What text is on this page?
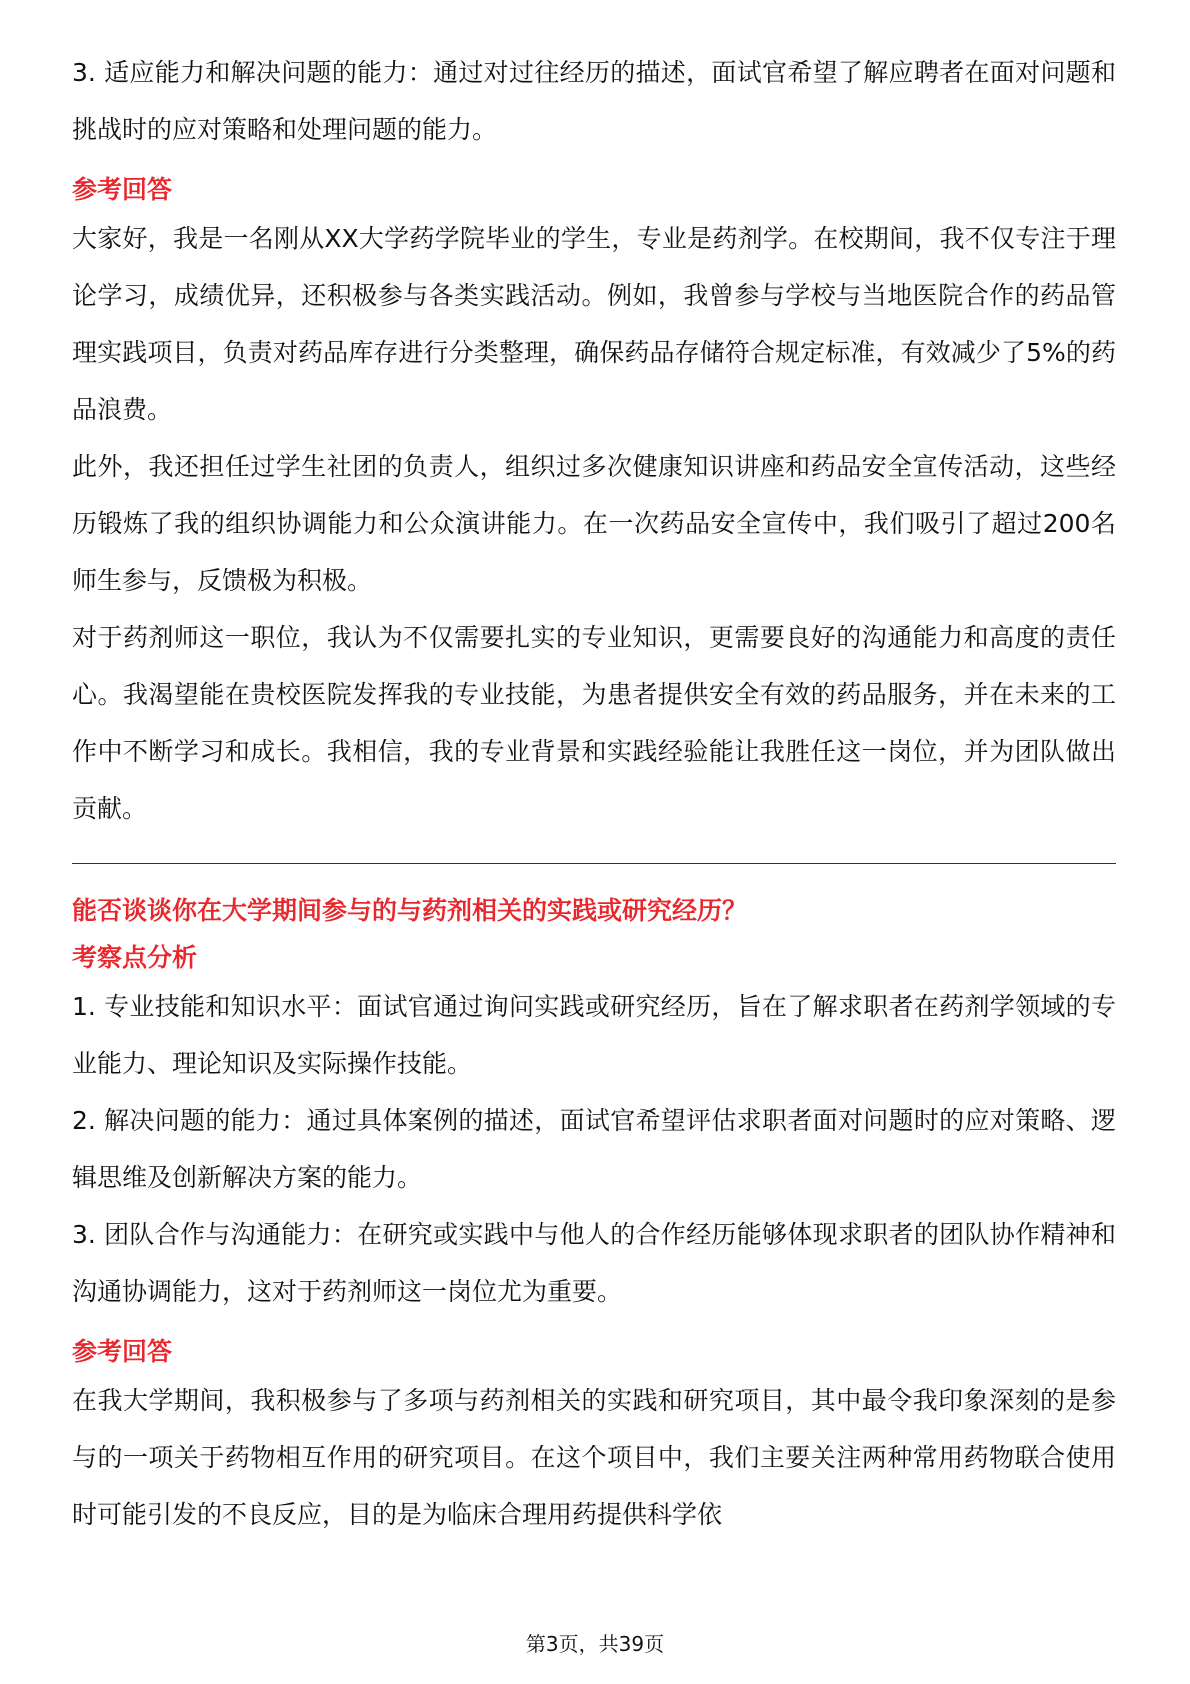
3. 适应能力和解决问题的能力：通过对过往经历的描述，面试官希望了解应聘者在面对问题和挑战时的应对策略和处理问题的能力。

参考回答

大家好，我是一名刚从XX大学药学院毕业的学生，专业是药剂学。在校期间，我不仅专注于理论学习，成绩优异，还积极参与各类实践活动。例如，我曾参与学校与当地医院合作的药品管理实践项目，负责对药品库存进行分类整理，确保药品存储符合规定标准，有效减少了5%的药品浪费。

此外，我还担任过学生社团的负责人，组织过多次健康知识讲座和药品安全宣传活动，这些经历锻炼了我的组织协调能力和公众演讲能力。在一次药品安全宣传中，我们吸引了超过200名师生参与，反馈极为积极。

对于药剂师这一职位，我认为不仅需要扎实的专业知识，更需要良好的沟通能力和高度的责任心。我渴望能在贵校医院发挥我的专业技能，为患者提供安全有效的药品服务，并在未来的工作中不断学习和成长。我相信，我的专业背景和实践经验能让我胜任这一岗位，并为团队做出贡献。

能否谈谈你在大学期间参与的与药剂相关的实践或研究经历？

考察点分析

1. 专业技能和知识水平：面试官通过询问实践或研究经历，旨在了解求职者在药剂学领域的专业能力、理论知识及实际操作技能。

2. 解决问题的能力：通过具体案例的描述，面试官希望评估求职者面对问题时的应对策略、逻辑思维及创新解决方案的能力。

3. 团队合作与沟通能力：在研究或实践中与他人的合作经历能够体现求职者的团队协作精神和沟通协调能力，这对于药剂师这一岗位尤为重要。

参考回答

在我大学期间，我积极参与了多项与药剂相关的实践和研究项目，其中最令我印象深刻的是参与的一项关于药物相互作用的研究项目。在这个项目中，我们主要关注两种常用药物联合使用时可能引发的不良反应，目的是为临床合理用药提供科学依

第3页，共39页
